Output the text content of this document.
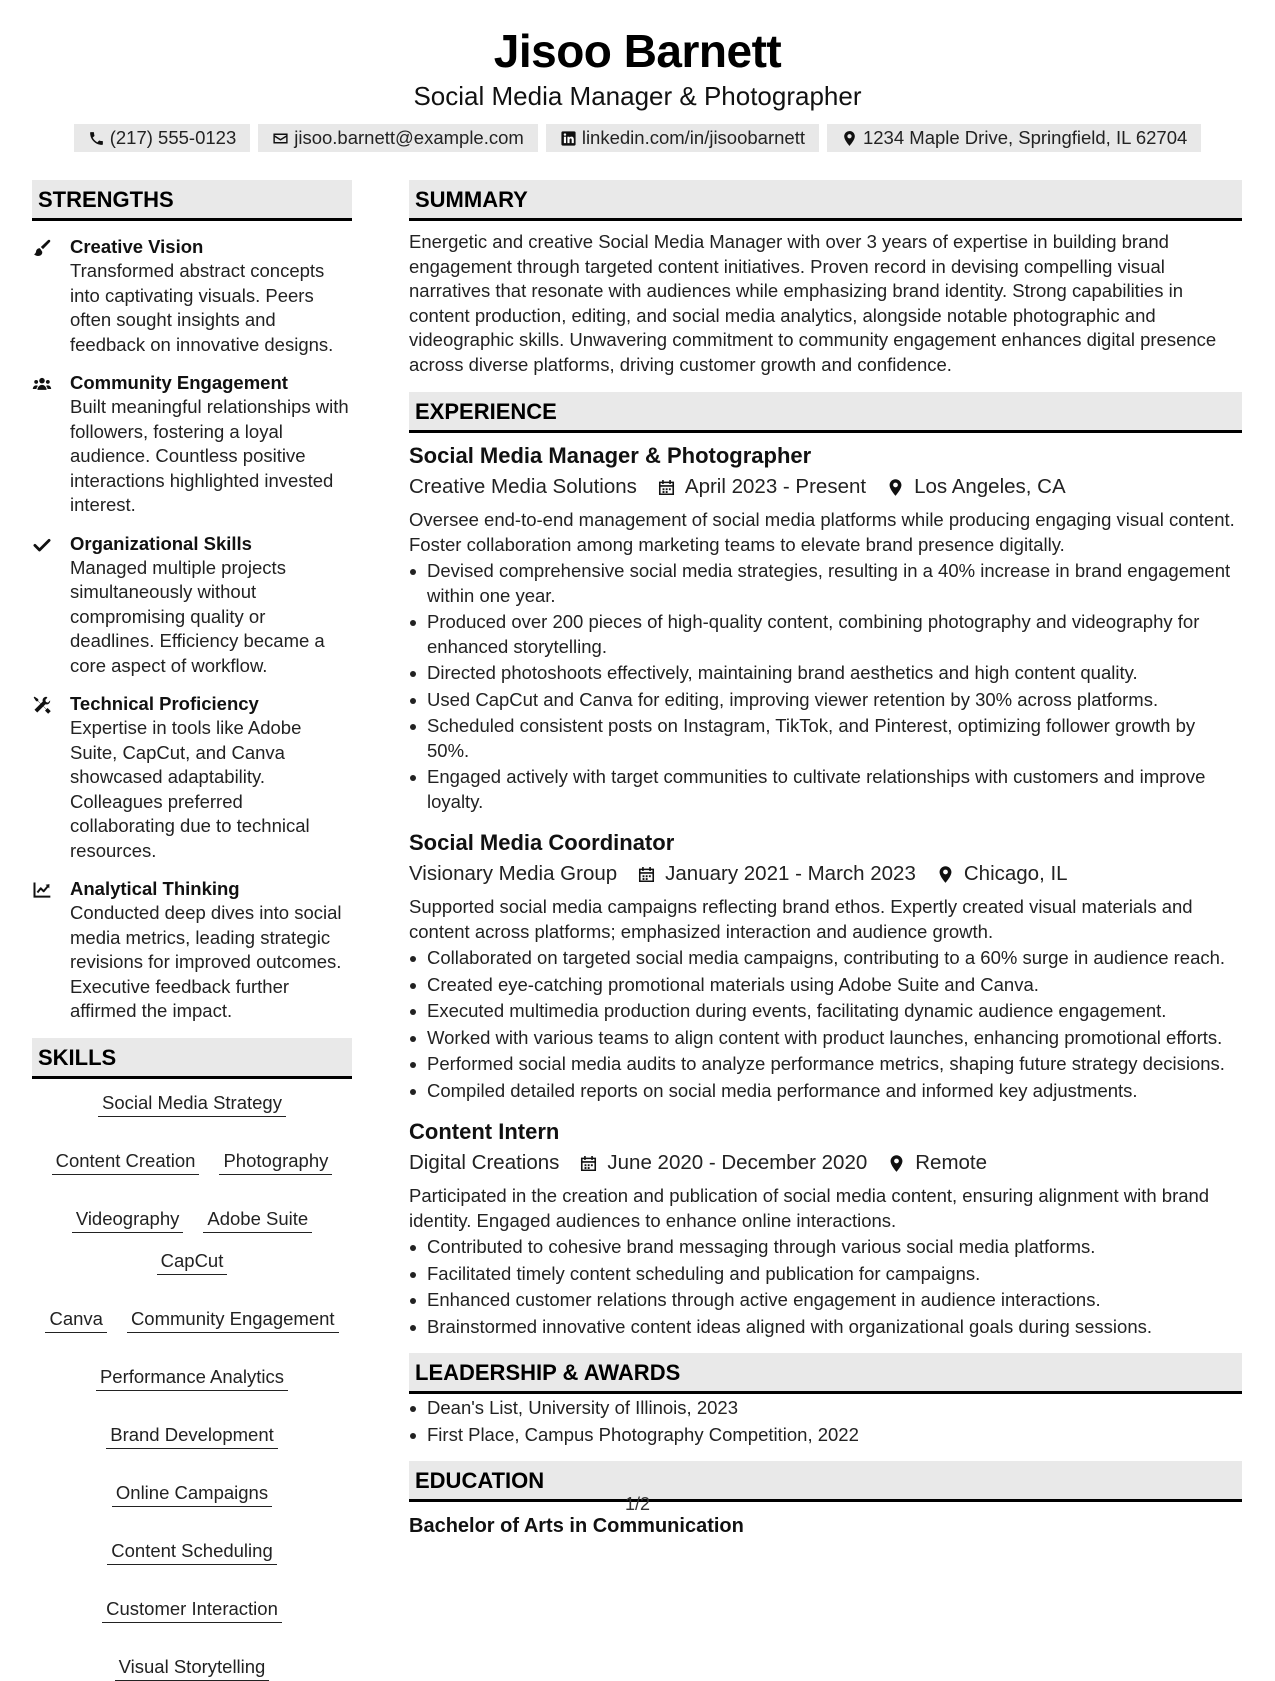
Jisoo Barnett
Social Media Manager & Photographer
(217) 555-0123	jisoo.barnett@example.com	linkedin.com/in/jisoobarnett	1234 Maple Drive, Springfield, IL 62704
STRENGTHS
Creative Vision
Transformed abstract concepts into captivating visuals. Peers often sought insights and feedback on innovative designs.
Community Engagement
Built meaningful relationships with followers, fostering a loyal audience. Countless positive interactions highlighted invested interest.
Organizational Skills
Managed multiple projects simultaneously without compromising quality or deadlines. Efficiency became a core aspect of workflow.
Technical Proficiency
Expertise in tools like Adobe Suite, CapCut, and Canva showcased adaptability. Colleagues preferred collaborating due to technical resources.
Analytical Thinking
Conducted deep dives into social media metrics, leading strategic revisions for improved outcomes. Executive feedback further affirmed the impact.
SKILLS
Social Media Strategy
Content Creation Photography
Videography Adobe Suite
CapCut
Canva Community Engagement
Performance Analytics
Brand Development
Online Campaigns
Content Scheduling
Customer Interaction
Visual Storytelling
SUMMARY
Energetic and creative Social Media Manager with over 3 years of expertise in building brand engagement through targeted content initiatives. Proven record in devising compelling visual narratives that resonate with audiences while emphasizing brand identity. Strong capabilities in content production, editing, and social media analytics, alongside notable photographic and videographic skills. Unwavering commitment to community engagement enhances digital presence across diverse platforms, driving customer growth and confidence.
EXPERIENCE
Social Media Manager & Photographer
Creative Media Solutions April 2023 - Present Los Angeles, CA
Oversee end-to-end management of social media platforms while producing engaging visual content. Foster collaboration among marketing teams to elevate brand presence digitally.
Devised comprehensive social media strategies, resulting in a 40% increase in brand engagement within one year.
Produced over 200 pieces of high-quality content, combining photography and videography for enhanced storytelling.
Directed photoshoots effectively, maintaining brand aesthetics and high content quality.
Used CapCut and Canva for editing, improving viewer retention by 30% across platforms.
Scheduled consistent posts on Instagram, TikTok, and Pinterest, optimizing follower growth by 50%.
Engaged actively with target communities to cultivate relationships with customers and improve loyalty.
Social Media Coordinator
Visionary Media Group January 2021 - March 2023 Chicago, IL
Supported social media campaigns reflecting brand ethos. Expertly created visual materials and content across platforms; emphasized interaction and audience growth.
Collaborated on targeted social media campaigns, contributing to a 60% surge in audience reach.
Created eye-catching promotional materials using Adobe Suite and Canva.
Executed multimedia production during events, facilitating dynamic audience engagement.
Worked with various teams to align content with product launches, enhancing promotional efforts.
Performed social media audits to analyze performance metrics, shaping future strategy decisions.
Compiled detailed reports on social media performance and informed key adjustments.
Content Intern
Digital Creations June 2020 - December 2020 Remote
Participated in the creation and publication of social media content, ensuring alignment with brand identity. Engaged audiences to enhance online interactions.
Contributed to cohesive brand messaging through various social media platforms.
Facilitated timely content scheduling and publication for campaigns.
Enhanced customer relations through active engagement in audience interactions.
Brainstormed innovative content ideas aligned with organizational goals during sessions.
LEADERSHIP & AWARDS
Dean's List, University of Illinois, 2023
First Place, Campus Photography Competition, 2022
EDUCATION
Bachelor of Arts in Communication
1/2
